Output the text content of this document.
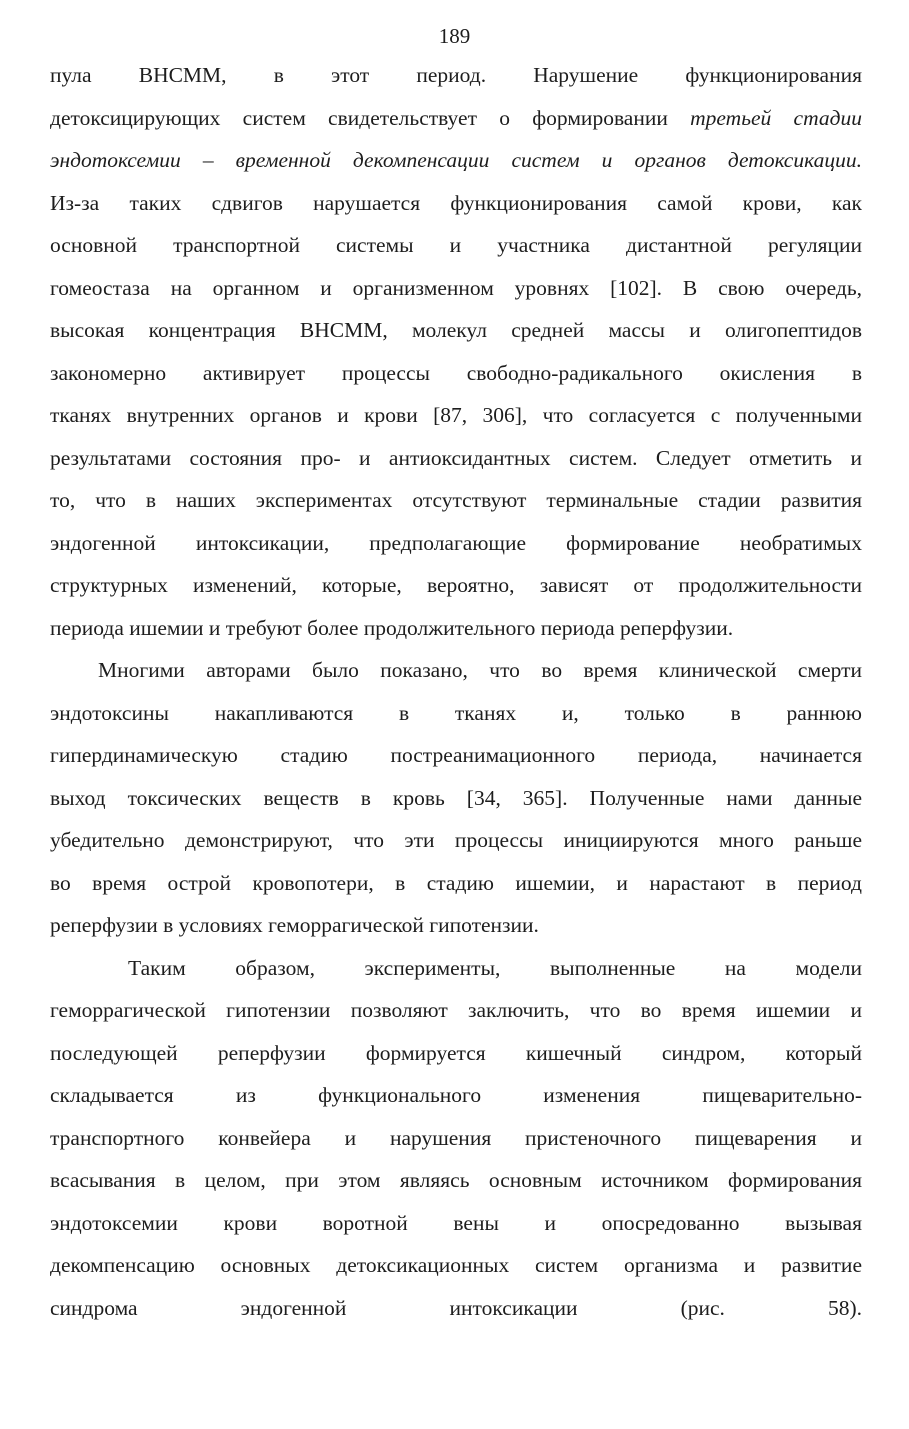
189
пула ВНСММ, в этот период. Нарушение функционирования
детоксицирующих систем свидетельствует о формировании третьей стадии
эндотоксемии – временной декомпенсации систем и органов детоксикации.
Из-за таких сдвигов нарушается функционирования самой крови, как
основной транспортной системы и участника дистантной регуляции
гомеостаза на органном и организменном уровнях [102]. В свою очередь,
высокая концентрация ВНСММ, молекул средней массы и олигопептидов
закономерно активирует процессы свободно-радикального окисления в
тканях внутренних органов и крови [87, 306], что согласуется с полученными
результатами состояния про- и антиоксидантных систем. Следует отметить и
то, что в наших экспериментах отсутствуют терминальные стадии развития
эндогенной интоксикации, предполагающие формирование необратимых
структурных изменений, которые, вероятно, зависят от продолжительности
периода ишемии и требуют более продолжительного периода реперфузии.
Многими авторами было показано, что во время клинической смерти
эндотоксины накапливаются в тканях и, только в раннюю
гипердинамическую стадию постреанимационного периода, начинается
выход токсических веществ в кровь [34, 365]. Полученные нами данные
убедительно демонстрируют, что эти процессы инициируются много раньше
во время острой кровопотери, в стадию ишемии, и нарастают в период
реперфузии в условиях геморрагической гипотензии.
Таким образом, эксперименты, выполненные на модели
геморрагической гипотензии позволяют заключить, что во время ишемии и
последующей реперфузии формируется кишечный синдром, который
складывается из функционального изменения пищеварительно-
транспортного конвейера и нарушения пристеночного пищеварения и
всасывания в целом, при этом являясь основным источником формирования
эндотоксемии крови воротной вены и опосредованно вызывая
декомпенсацию основных детоксикационных систем организма и развитие
синдрома эндогенной интоксикации (рис. 58).
